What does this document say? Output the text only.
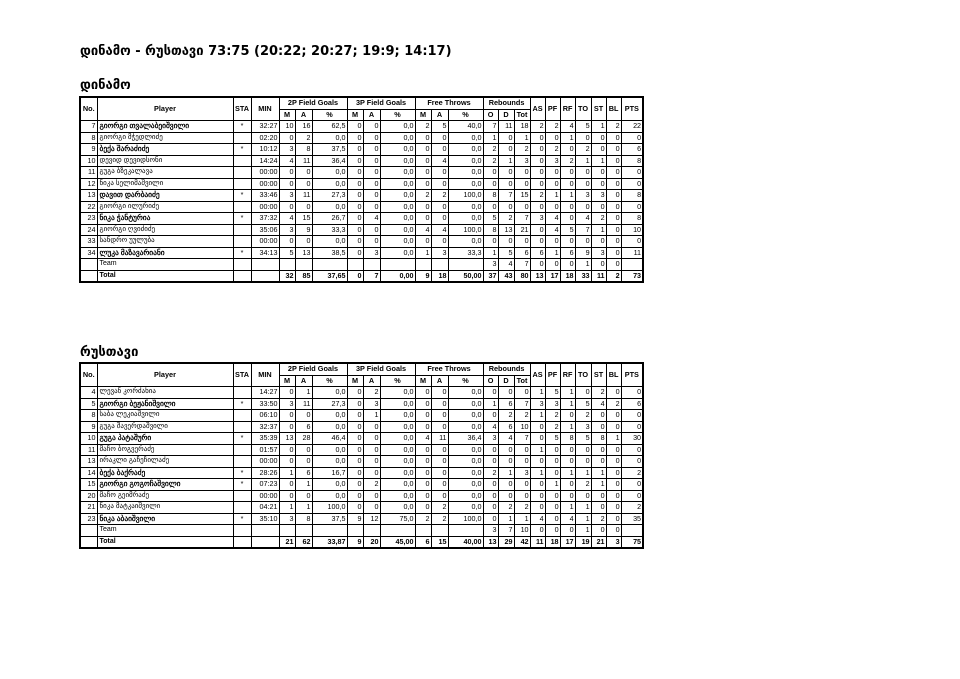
დინამო - რუსთავი 73:75 (20:22; 20:27; 19:9; 14:17)
დინამო
No.	Player	STA	MIN	2P Field Goals			3P Field Goals			Free Throws			Rebounds			AS	PF	RF	TO	ST	BL	PTS
				M	A	%	M	A	%	M	A	%	O	D	Tot							
7	გიორგი თვალაბეიშვილი	*	32:27	10	16	62,5	0	0	0,0	2	5	40,0	7	11	18	2	2	4	5	1	2	22
8	გიორგი მჭედლიძე		02:20	0	2	0,0	0	0	0,0	0	0	0,0	1	0	1	0	0	1	0	0	0	0
9	ბექა შარაძიძე	*	10:12	3	8	37,5	0	0	0,0	0	0	0,0	2	0	2	0	2	0	2	0	0	6
10	დევიდ დევიდსონი		14:24	4	11	36,4	0	0	0,0	0	4	0,0	2	1	3	0	3	2	1	1	0	8
11	გუგა ბზეკალავა		00:00	0	0	0,0	0	0	0,0	0	0	0,0	0	0	0	0	0	0	0	0	0	0
12	ნიკა სელიმაშვილი		00:00	0	0	0,0	0	0	0,0	0	0	0,0	0	0	0	0	0	0	0	0	0	0
13	დავით დარბაიძე	*	33:46	3	11	27,3	0	0	0,0	2	2	100,0	8	7	15	2	1	1	3	3	0	8
22	გიორგი ილურიძე		00:00	0	0	0,0	0	0	0,0	0	0	0,0	0	0	0	0	0	0	0	0	0	0
23	ნიკა ჭანტურია	*	37:32	4	15	26,7	0	4	0,0	0	0	0,0	5	2	7	3	4	0	4	2	0	8
24	გიორგი ღვიძიძე		35:06	3	9	33,3	0	0	0,0	4	4	100,0	8	13	21	0	4	5	7	1	0	10
33	სანდრო უულუბა		00:00	0	0	0,0	0	0	0,0	0	0	0,0	0	0	0	0	0	0	0	0	0	0
34	ლუკა მაზავარიანი	*	34:13	5	13	38,5	0	3	0,0	1	3	33,3	1	5	6	6	1	6	9	3	0	11
	Team												3	4	7	0	0	0	1	0	0	
	Total			32	85	37,65	0	7	0,00	9	18	50,00	37	43	80	13	17	18	33	11	2	73
რუსთავი
No.	Player	STA	MIN	2P Field Goals			3P Field Goals			Free Throws			Rebounds			AS	PF	RF	TO	ST	BL	PTS
				M	A	%	M	A	%	M	A	%	O	D	Tot							
4	ლევან კორძახია		14:27	0	1	0,0	0	2	0,0	0	0	0,0	0	0	0	1	5	1	0	2	0	0
5	გიორგი ბეჟანიშვილი	*	33:50	3	11	27,3	0	3	0,0	0	0	0,0	1	6	7	3	3	1	5	4	2	6
8	საბა ლეკიაშვილი		06:10	0	0	0,0	0	1	0,0	0	0	0,0	0	2	2	1	2	0	2	0	0	0
9	გუგა შავერდაშვილი		32:37	0	6	0,0	0	0	0,0	0	0	0,0	4	6	10	0	2	1	3	0	0	0
10	გუგა პატაშური	*	35:39	13	28	46,4	0	0	0,0	4	11	36,4	3	4	7	0	5	8	5	8	1	30
11	მაჩო ბოგვერაძე		01:57	0	0	0,0	0	0	0,0	0	0	0,0	0	0	0	1	0	0	0	0	0	0
13	ირაკლი გაჩეჩილაძე		00:00	0	0	0,0	0	0	0,0	0	0	0,0	0	0	0	0	0	0	0	0	0	0
14	ბექა ბაქრაძე	*	28:26	1	6	16,7	0	0	0,0	0	0	0,0	2	1	3	1	0	1	1	1	0	2
15	გიორგი გოგოჩაშვილი	*	07:23	0	1	0,0	0	2	0,0	0	0	0,0	0	0	0	0	1	0	2	1	0	0
20	მაჩო გეიმრაძე		00:00	0	0	0,0	0	0	0,0	0	0	0,0	0	0	0	0	0	0	0	0	0	0
21	ნიკა მატკაიშვილი		04:21	1	1	100,0	0	0	0,0	0	2	0,0	0	2	2	0	0	1	1	0	0	2
23	ნიკა აბაიშვილი	*	35:10	3	8	37,5	9	12	75,0	2	2	100,0	0	1	1	4	0	4	1	2	0	35
	Team												3	7	10	0	0	0	1	0	0	
	Total			21	62	33,87	9	20	45,00	6	15	40,00	13	29	42	11	18	17	19	21	3	75
